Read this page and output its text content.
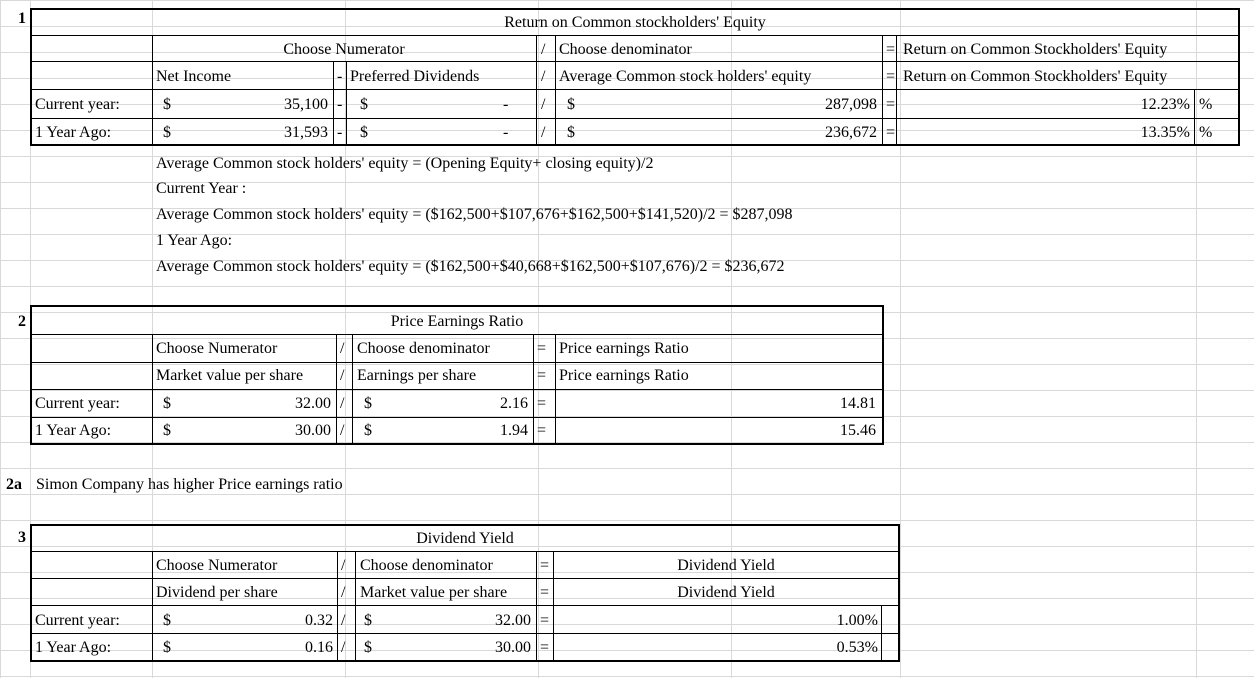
1	Return on Common stockholders' Equity
Choose Numerator	/ Choose denominator	= Return on Common Stockholders' Equity
Net Income	- Preferred Dividends	/ Average Common stock holders' equity	= Return on Common Stockholders' Equity
Current year:	$	35,100 - $	- / $	287,098 =	12.23% %
1 Year Ago:	$	31,593 - $	- / $	236,672 =	13.35% %
Average Common stock holders' equity = (Opening Equity+ closing equity)/2
Current Year :
Average Common stock holders' equity = ($162,500+$107,676+$162,500+$141,520)/2 = $287,098
1 Year Ago:
Average Common stock holders' equity = ($162,500+$40,668+$162,500+$107,676)/2 = $236,672
2	Price Earnings Ratio
Choose Numerator	/ Choose denominator	= Price earnings Ratio
Market value per share / Earnings per share	= Price earnings Ratio
Current year:	$	32.00 / $	2.16 =	14.81
1 Year Ago:	$	30.00 / $	1.94 =	15.46
2a Simon Company has higher Price earnings ratio
3	Dividend Yield
Choose Numerator	/ Choose denominator	=	Dividend Yield
Dividend per share	/ Market value per share =	Dividend Yield
Current year:	$	0.32 / $	32.00 =	1.00%
1 Year Ago:	$	0.16 / $	30.00 =	0.53%
